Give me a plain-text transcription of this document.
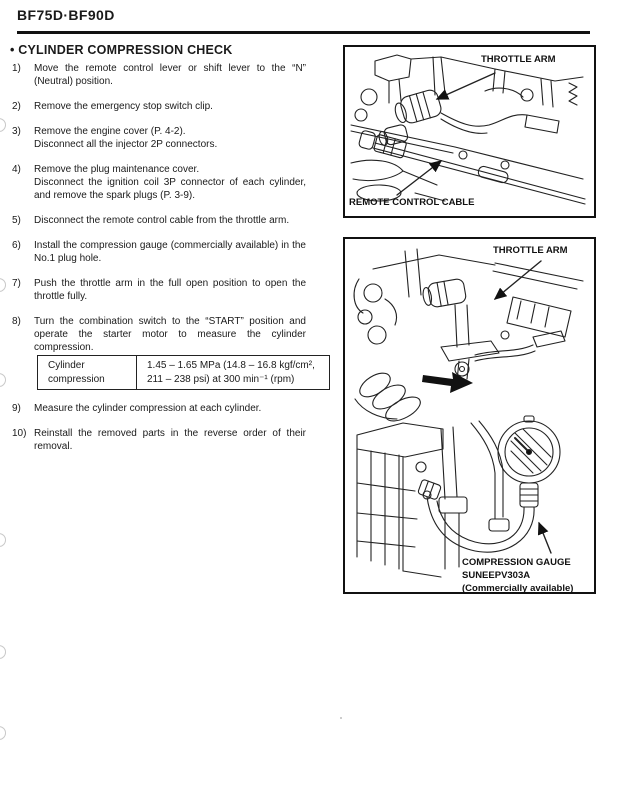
BF75D·BF90D
• CYLINDER COMPRESSION CHECK
1)	Move the remote control lever or shift lever to the “N” (Neutral) position.

2)	Remove the emergency stop switch clip.

3)	Remove the engine cover (P. 4-2).

Disconnect all the injector 2P connectors.

4)	Remove the plug maintenance cover.

Disconnect the ignition coil 3P connector of each cylinder, and remove the spark plugs (P. 3-9).

5)	Disconnect the remote control cable from the throttle arm.

6)	Install the compression gauge (commercially available) in the No.1 plug hole.

7)	Push the throttle arm in the full open position to open the throttle fully.

8)	Turn the combination switch to the “START” position and operate the starter motor to measure the cylinder compression.

Cylinder compression	
1.45 – 1.65 MPa (14.8 – 16.8 kgf/cm²,
211 – 238 psi) at 300 min⁻¹ (rpm)
9)	Measure the cylinder compression at each cylinder.

10) Reinstall the removed parts in the reverse order of their removal.

THROTTLE ARM
REMOTE CONTROL CABLE
THROTTLE ARM
COMPRESSION GAUGE
SUNEEPV303A
(Commercially available)
